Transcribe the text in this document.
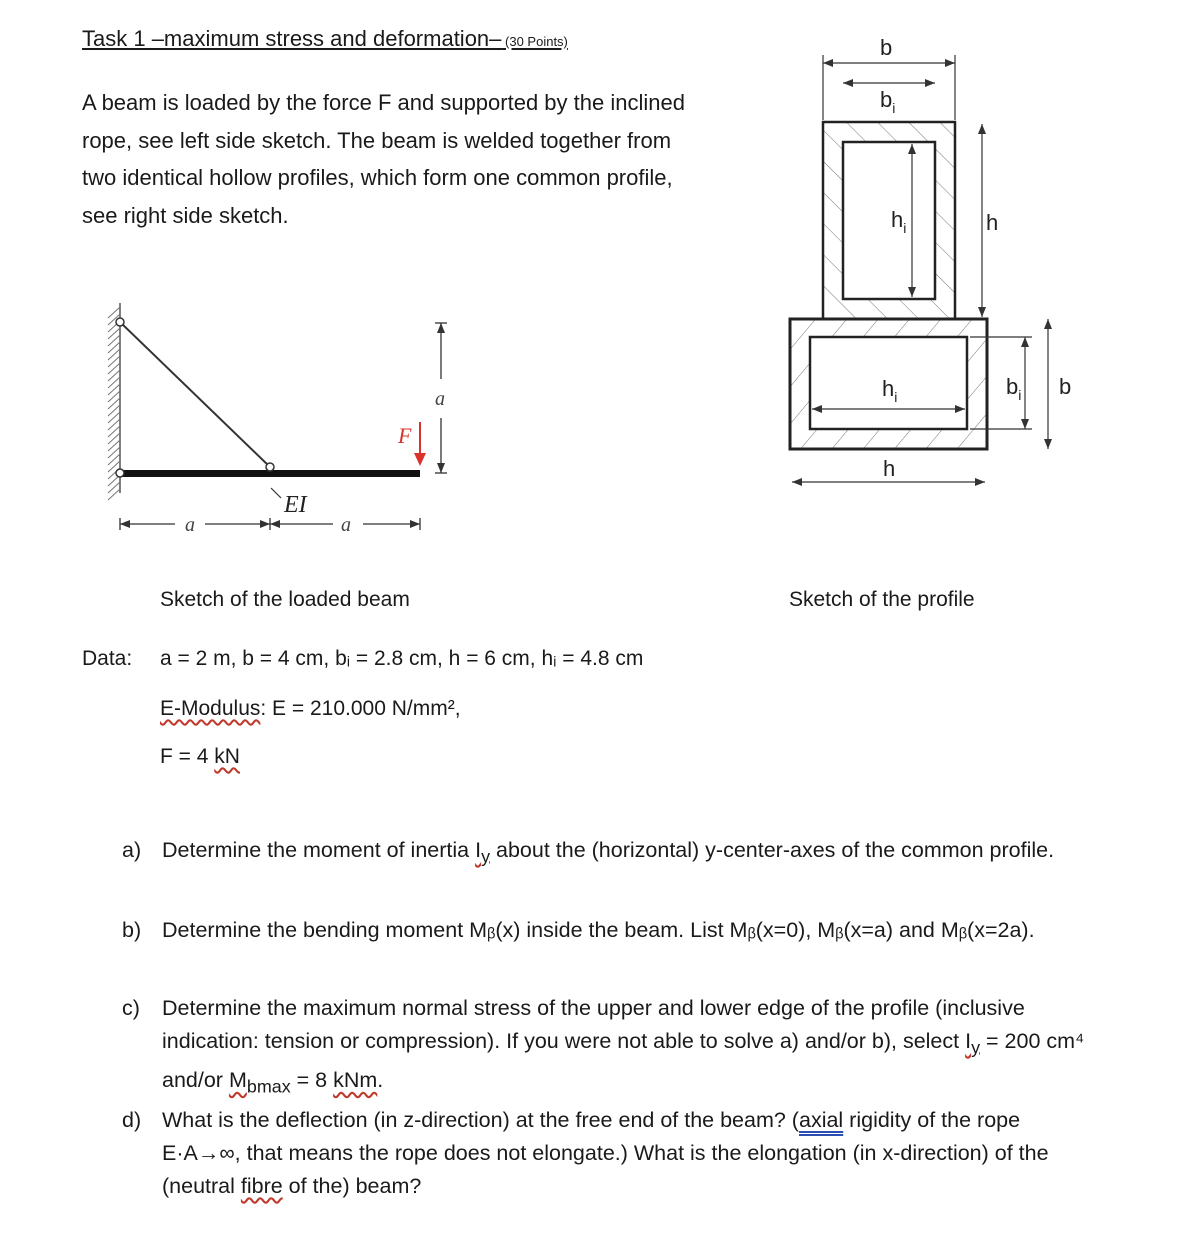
Task 1 –maximum stress and deformation– (30 Points)
A beam is loaded by the force F and supported by the inclined
rope, see left side sketch. The beam is welded together from
two identical hollow profiles, which form one common profile,
see right side sketch.
F
a
EI
a	a
b
$b_i$
$h_i$	h
$h_i$
h
$b_i$ b
Sketch of the loaded beam	Sketch of the profile
Data: a = 2 m, b = 4 cm, bᵢ = 2.8 cm, h = 6 cm, hᵢ = 4.8 cm
E-Modulus: E = 210.000 N/mm²,
F = 4 kN
a) Determine the moment of inertia $I_y$ about the (horizontal) y-center-axes of the common profile.
b) Determine the bending moment Mᵦ(x) inside the beam. List Mᵦ(x=0), Mᵦ(x=a) and Mᵦ(x=2a).
c) Determine the maximum normal stress of the upper and lower edge of the profile (inclusive indication: tension or compression). If you were not able to solve a) and/or b), select $I_y = 200$ cm⁴ and/or $M_{bmax} = 8$ kNm.
d) What is the deflection (in z-direction) at the free end of the beam? (axial rigidity of the rope E·A→∞, that means the rope does not elongate.) What is the elongation (in x-direction) of the (neutral fibre of the) beam?
